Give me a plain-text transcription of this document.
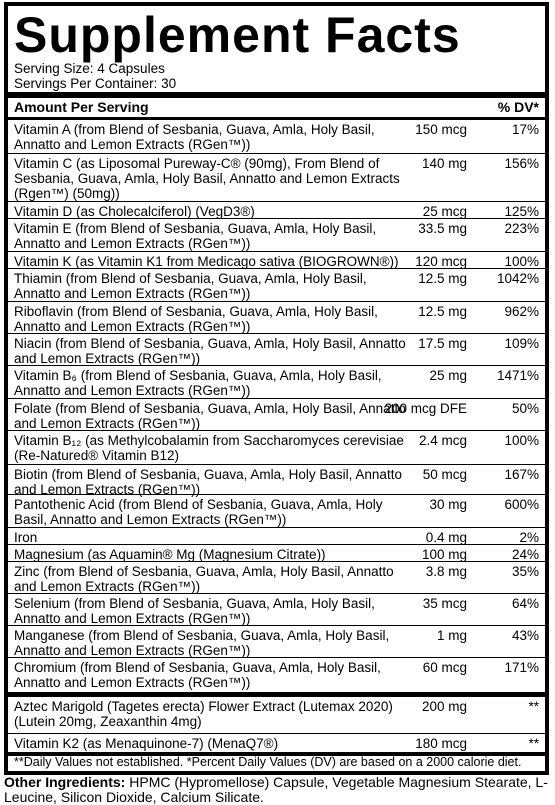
Supplement Facts
Serving Size: 4 Capsules
Servings Per Container: 30
Amount Per Serving	% DV*
Vitamin A (from Blend of Sesbania, Guava, Amla, Holy Basil, Annatto and Lemon Extracts (RGen™))
150 mcg	17%
Vitamin C (as Liposomal Pureway-C® (90mg), From Blend of Sesbania, Guava, Amla, Holy Basil, Annatto and Lemon Extracts (Rgen™) (50mg))
140 mg	156%
Vitamin D (as Cholecalciferol) (VegD3®)	25 mcg	125%
Vitamin E (from Blend of Sesbania, Guava, Amla, Holy Basil, Annatto and Lemon Extracts (RGen™))
33.5 mg	223%
Vitamin K (as Vitamin K1 from Medicago sativa (BIOGROWN®))	120 mcg	100%
Thiamin (from Blend of Sesbania, Guava, Amla, Holy Basil, Annatto and Lemon Extracts (RGen™))
12.5 mg 1042%
Riboflavin (from Blend of Sesbania, Guava, Amla, Holy Basil, Annatto and Lemon Extracts (RGen™))
12.5 mg	962%
Niacin (from Blend of Sesbania, Guava, Amla, Holy Basil, Annatto and Lemon Extracts (RGen™))
17.5 mg	109%
Vitamin B₆ (from Blend of Sesbania, Guava, Amla, Holy Basil, Annatto and Lemon Extracts (RGen™))
25 mg 1471%
Folate (from Blend of Sesbania, Guava, Amla, Holy Basil, Annatto and Lemon Extracts (RGen™))
200 mcg DFE	50%
Vitamin B₁₂ (as Methylcobalamin from Saccharomyces cerevisiae (Re-Natured® Vitamin B12)
2.4 mcg	100%
Biotin (from Blend of Sesbania, Guava, Amla, Holy Basil, Annatto and Lemon Extracts (RGen™))
50 mcg	167%
Pantothenic Acid (from Blend of Sesbania, Guava, Amla, Holy Basil, Annatto and Lemon Extracts (RGen™))
30 mg	600%
Iron	0.4 mg	2%
Magnesium (as Aquamin® Mg (Magnesium Citrate))	100 mg	24%
Zinc (from Blend of Sesbania, Guava, Amla, Holy Basil, Annatto and Lemon Extracts (RGen™))
3.8 mg	35%
Selenium (from Blend of Sesbania, Guava, Amla, Holy Basil, Annatto and Lemon Extracts (RGen™))
35 mcg	64%
Manganese (from Blend of Sesbania, Guava, Amla, Holy Basil, Annatto and Lemon Extracts (RGen™))
1 mg	43%
Chromium (from Blend of Sesbania, Guava, Amla, Holy Basil, Annatto and Lemon Extracts (RGen™))
60 mcg	171%
Aztec Marigold (Tagetes erecta) Flower Extract (Lutemax 2020) (Lutein 20mg, Zeaxanthin 4mg)
200 mg	**
Vitamin K2 (as Menaquinone-7) (MenaQ7®)	180 mcg	**
**Daily Values not established. *Percent Daily Values (DV) are based on a 2000 calorie diet.
Other Ingredients: HPMC (Hypromellose) Capsule, Vegetable Magnesium Stearate, L-Leucine, Silicon Dioxide, Calcium Silicate.
